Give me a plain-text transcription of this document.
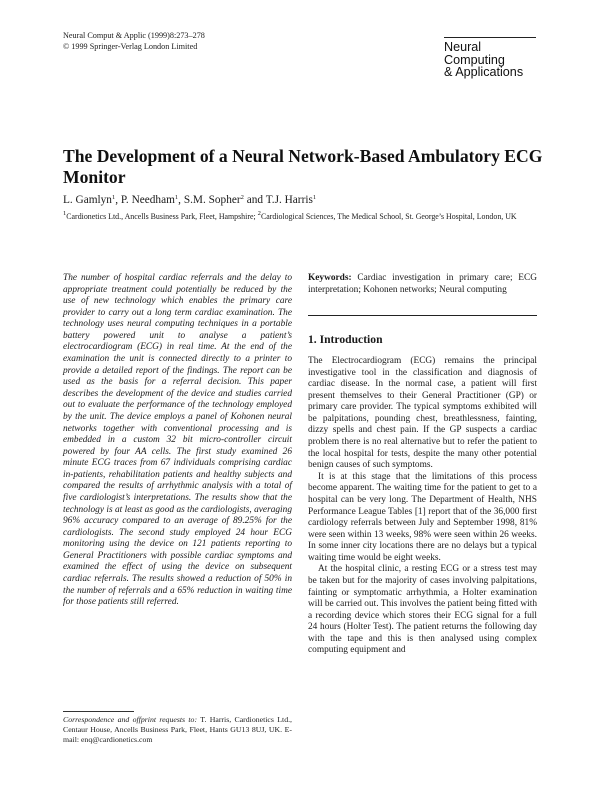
Neural Comput & Applic (1999)8:273–278
© 1999 Springer-Verlag London Limited	Neural
Computing
& Applications
The Development of a Neural Network-Based Ambulatory ECG Monitor
L. Gamlyn$^1$, P. Needham$^1$, S.M. Sopher$^2$ and T.J. Harris$^1$
$^1$Cardionetics Ltd., Ancells Business Park, Fleet, Hampshire; $^2$Cardiological Sciences, The Medical School, St. George’s Hospital, London, UK
The number of hospital cardiac referrals and the delay to appropriate treatment could potentially be reduced by the use of new technology which enables the primary care provider to carry out a long term cardiac examination. The technology uses neural computing techniques in a portable battery powered unit to analyse a patient’s electrocardiogram (ECG) in real time. At the end of the examination the unit is connected directly to a printer to provide a detailed report of the findings. The report can be used as the basis for a referral decision. This paper describes the development of the device and studies carried out to evaluate the performance of the technology employed by the unit. The device employs a panel of Kohonen neural networks together with conventional processing and is embedded in a custom 32 bit micro-controller circuit powered by four AA cells. The first study examined 26 minute ECG traces from 67 individuals comprising cardiac in-patients, rehabilitation patients and healthy subjects and compared the results of arrhythmic analysis with a total of five cardiologist’s interpretations. The results show that the technology is at least as good as the cardiologists, averaging 96% accuracy compared to an average of 89.25% for the cardiologists. The second study employed 24 hour ECG monitoring using the device on 121 patients reporting to General Practitioners with possible cardiac symptoms and examined the effect of using the device on subsequent cardiac referrals. The results showed a reduction of 50% in the number of referrals and a 65% reduction in waiting time for those patients still referred.
Correspondence and offprint requests to: T. Harris, Cardionetics Ltd., Centaur House, Ancells Business Park, Fleet, Hants GU13 8UJ, UK. E-mail: enq@cardionetics.com
Keywords: Cardiac investigation in primary care; ECG interpretation; Kohonen networks; Neural computing
1. Introduction

The Electrocardiogram (ECG) remains the principal investigative tool in the classification and diagnosis of cardiac disease. In the normal case, a patient will first present themselves to their General Practitioner (GP) or primary care provider. The typical symptoms exhibited will be palpitations, pounding chest, breathlessness, fainting, dizzy spells and chest pain. If the GP suspects a cardiac problem there is no real alternative but to refer the patient to the local hospital for tests, despite the many other potential benign causes of such symptoms.

It is at this stage that the limitations of this process become apparent. The waiting time for the patient to get to a hospital can be very long. The Department of Health, NHS Performance League Tables [1] report that of the 36,000 first cardiology referrals between July and September 1998, 81% were seen within 13 weeks, 98% were seen within 26 weeks. In some inner city locations there are no delays but a typical waiting time would be eight weeks.

At the hospital clinic, a resting ECG or a stress test may be taken but for the majority of cases involving palpitations, fainting or symptomatic arrhythmia, a Holter examination will be carried out. This involves the patient being fitted with a recording device which stores their ECG signal for a full 24 hours (Holter Test). The patient returns the following day with the tape and this is then analysed using complex computing equipment and
